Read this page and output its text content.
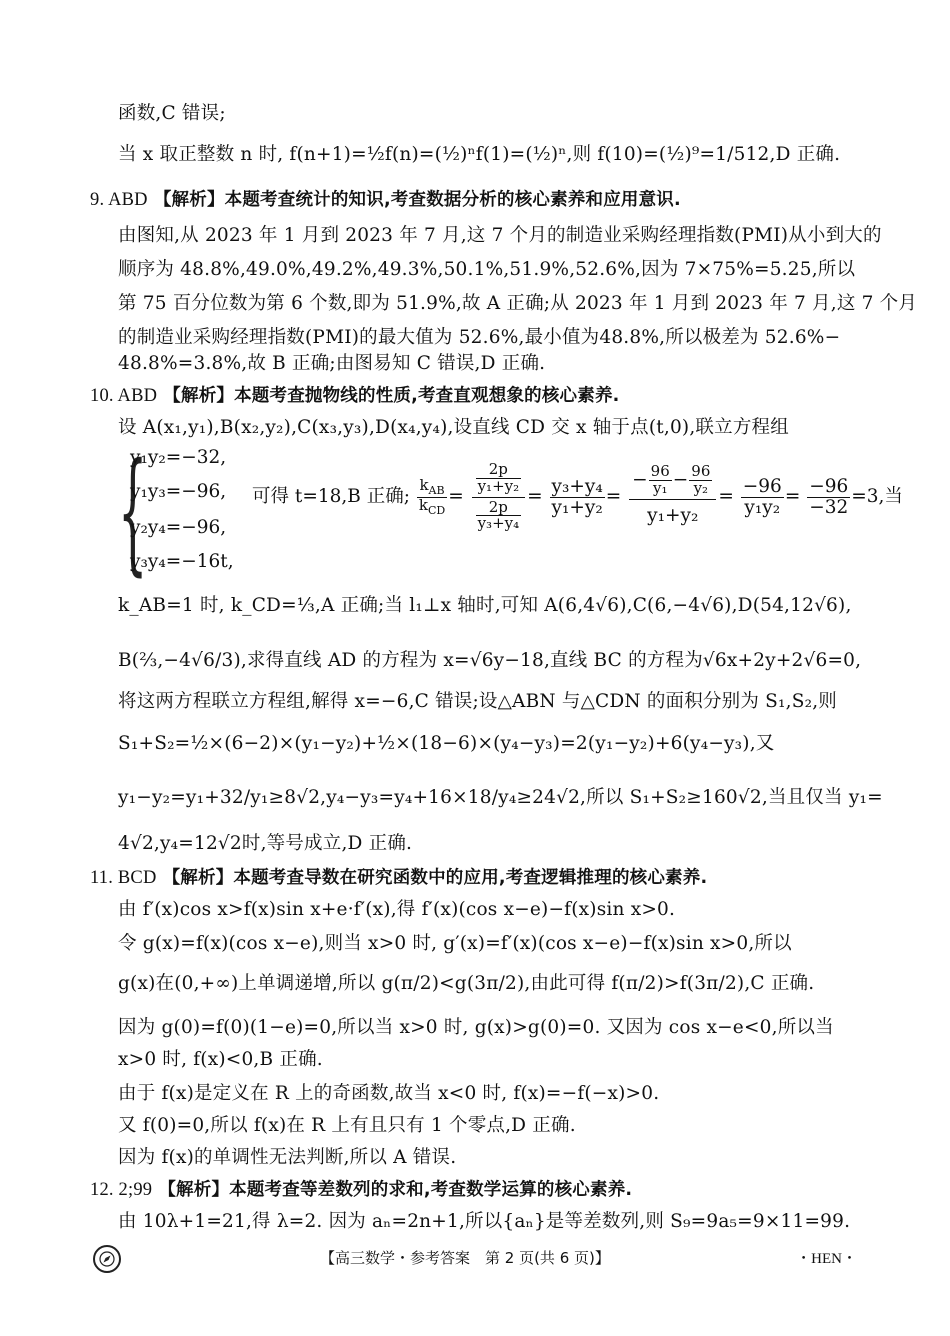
函数,C 错误;
当 x 取正整数 n 时, f(n+1)=½f(n)=(½)ⁿf(1)=(½)ⁿ,则 f(10)=(½)⁹=1/512,D 正确.
9. ABD 【解析】本题考查统计的知识,考查数据分析的核心素养和应用意识.
由图知,从 2023 年 1 月到 2023 年 7 月,这 7 个月的制造业采购经理指数(PMI)从小到大的
顺序为 48.8%,49.0%,49.2%,49.3%,50.1%,51.9%,52.6%,因为 7×75%=5.25,所以
第 75 百分位数为第 6 个数,即为 51.9%,故 A 正确;从 2023 年 1 月到 2023 年 7 月,这 7 个月
的制造业采购经理指数(PMI)的最大值为 52.6%,最小值为48.8%,所以极差为 52.6%−
48.8%=3.8%,故 B 正确;由图易知 C 错误,D 正确.
10. ABD 【解析】本题考查抛物线的性质,考查直观想象的核心素养.
设 A(x₁,y₁),B(x₂,y₂),C(x₃,y₃),D(x₄,y₄),设直线 CD 交 x 轴于点(t,0),联立方程组
{
y₁y₂=−32,
y₁y₃=−96,
y₂y₄=−96,
y₃y₄=−16t,
可得 t=18,B 正确; $\frac{k_{AB}}{k_{CD}} = \frac{\frac{2p}{\text{y₁+y₂}}}{\frac{2p}{\text{y₃+y₄}}} = \frac{\text{y₃+y₄}}{\text{y₁+y₂}} = \frac{- \frac{96}{\text{y₁}} - \frac{96}{\text{y₂}}}{\text{y₁+y₂}} = \frac{-96}{\text{y₁y₂}} = \frac{-96}{-32} =3$,当
k_AB=1 时, k_CD=⅓,A 正确;当 l₁⊥x 轴时,可知 A(6,4√6),C(6,−4√6),D(54,12√6),
B(⅔,−4√6/3),求得直线 AD 的方程为 x=√6y−18,直线 BC 的方程为√6x+2y+2√6=0,
将这两方程联立方程组,解得 x=−6,C 错误;设△ABN 与△CDN 的面积分别为 S₁,S₂,则
S₁+S₂=½×(6−2)×(y₁−y₂)+½×(18−6)×(y₄−y₃)=2(y₁−y₂)+6(y₄−y₃),又
y₁−y₂=y₁+32/y₁≥8√2,y₄−y₃=y₄+16×18/y₄≥24√2,所以 S₁+S₂≥160√2,当且仅当 y₁=
4√2,y₄=12√2时,等号成立,D 正确.
11. BCD 【解析】本题考查导数在研究函数中的应用,考查逻辑推理的核心素养.
由 f′(x)cos x>f(x)sin x+e·f′(x),得 f′(x)(cos x−e)−f(x)sin x>0.
令 g(x)=f(x)(cos x−e),则当 x>0 时, g′(x)=f′(x)(cos x−e)−f(x)sin x>0,所以
g(x)在(0,+∞)上单调递增,所以 g(π/2)<g(3π/2),由此可得 f(π/2)>f(3π/2),C 正确.
因为 g(0)=f(0)(1−e)=0,所以当 x>0 时, g(x)>g(0)=0. 又因为 cos x−e<0,所以当
x>0 时, f(x)<0,B 正确.
由于 f(x)是定义在 R 上的奇函数,故当 x<0 时, f(x)=−f(−x)>0.
又 f(0)=0,所以 f(x)在 R 上有且只有 1 个零点,D 正确.
因为 f(x)的单调性无法判断,所以 A 错误.
12. 2;99 【解析】本题考查等差数列的求和,考查数学运算的核心素养.
由 10λ+1=21,得 λ=2. 因为 aₙ=2n+1,所以{aₙ}是等差数列,则 S₉=9a₅=9×11=99.
【高三数学・参考答案　第 2 页(共 6 页)】	・HEN・
